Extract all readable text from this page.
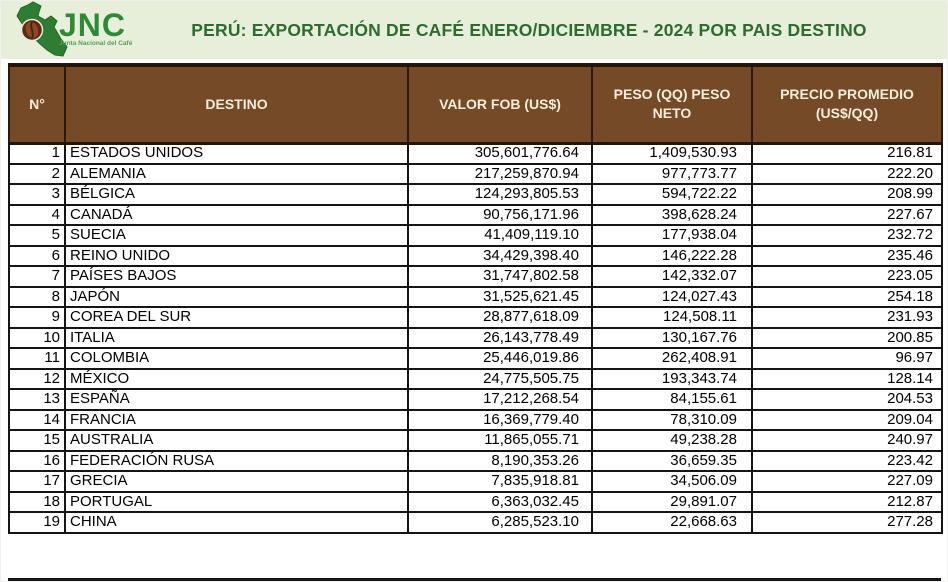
JNC
Junta Nacional del Café
PERÚ: EXPORTACIÓN DE CAFÉ ENERO/DICIEMBRE - 2024 POR PAIS DESTINO
N°	DESTINO	VALOR FOB (US$)	PESO (QQ) PESO NETO	PRECIO PROMEDIO (US$/QQ)
1	ESTADOS UNIDOS	305,601,776.64	1,409,530.93	216.81
2	ALEMANIA	217,259,870.94	977,773.77	222.20
3	BÉLGICA	124,293,805.53	594,722.22	208.99
4	CANADÁ	90,756,171.96	398,628.24	227.67
5	SUECIA	41,409,119.10	177,938.04	232.72
6	REINO UNIDO	34,429,398.40	146,222.28	235.46
7	PAÍSES BAJOS	31,747,802.58	142,332.07	223.05
8	JAPÓN	31,525,621.45	124,027.43	254.18
9	COREA DEL SUR	28,877,618.09	124,508.11	231.93
10	ITALIA	26,143,778.49	130,167.76	200.85
11	COLOMBIA	25,446,019.86	262,408.91	96.97
12	MÉXICO	24,775,505.75	193,343.74	128.14
13	ESPAÑA	17,212,268.54	84,155.61	204.53
14	FRANCIA	16,369,779.40	78,310.09	209.04
15	AUSTRALIA	11,865,055.71	49,238.28	240.97
16	FEDERACIÓN RUSA	8,190,353.26	36,659.35	223.42
17	GRECIA	7,835,918.81	34,506.09	227.09
18	PORTUGAL	6,363,032.45	29,891.07	212.87
19	CHINA	6,285,523.10	22,668.63	277.28
